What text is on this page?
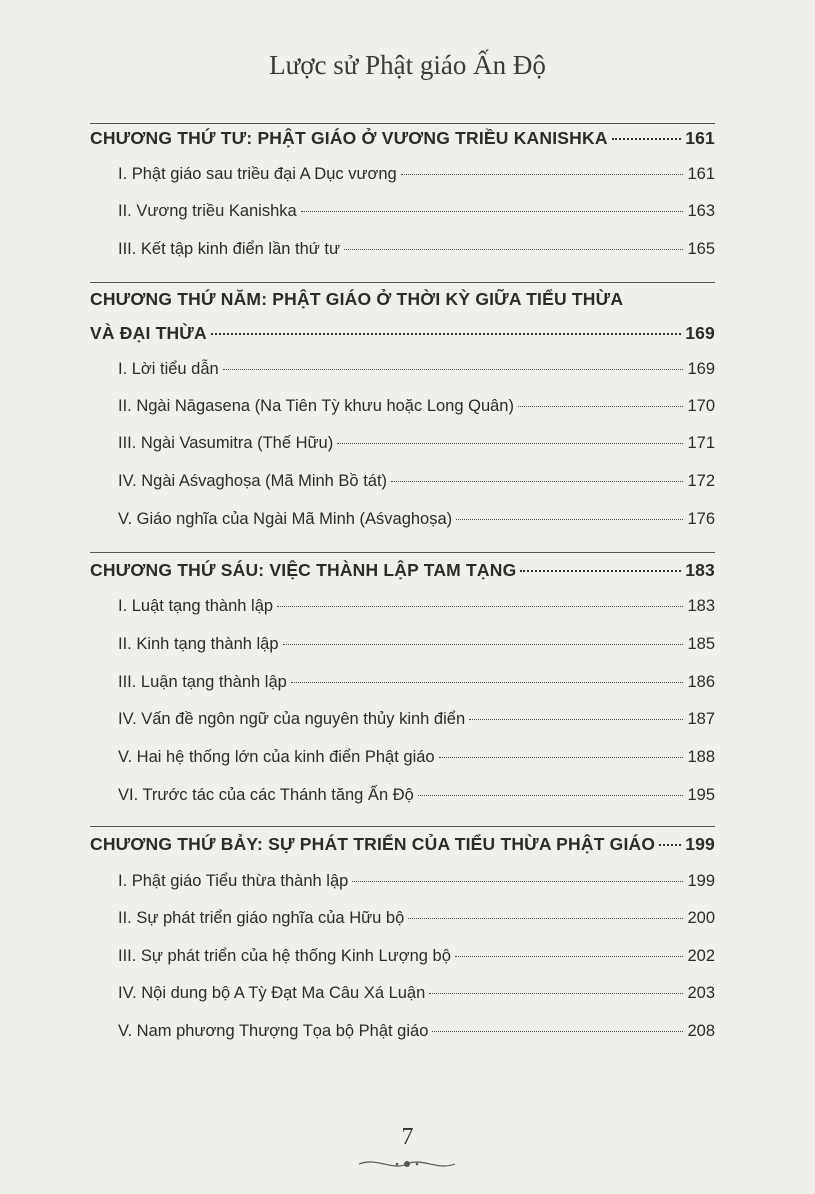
Lược sử Phật giáo Ấn Độ
CHƯƠNG THỨ TƯ: PHẬT GIÁO Ở VƯƠNG TRIỀU KANISHKA	161
I. Phật giáo sau triều đại A Dục vương	161
II. Vương triều Kanishka	163
III. Kết tập kinh điển lần thứ tư	165
CHƯƠNG THỨ NĂM: PHẬT GIÁO Ở THỜI KỲ GIỮA TIỂU THỪA
VÀ ĐẠI THỪA	169
I. Lời tiểu dẫn	169
II. Ngài Nāgasena (Na Tiên Tỳ khưu hoặc Long Quân)	170
III. Ngài Vasumitra (Thế Hữu)	171
IV. Ngài Aśvaghoṣa (Mã Minh Bồ tát)	172
V. Giáo nghĩa của Ngài Mã Minh (Aśvaghoṣa)	176
CHƯƠNG THỨ SÁU: VIỆC THÀNH LẬP TAM TẠNG	183
I. Luật tạng thành lập	183
II. Kinh tạng thành lập	185
III. Luận tạng thành lập	186
IV. Vấn đề ngôn ngữ của nguyên thủy kinh điển	187
V. Hai hệ thống lớn của kinh điển Phật giáo	188
VI. Trước tác của các Thánh tăng Ấn Độ	195
CHƯƠNG THỨ BẢY: SỰ PHÁT TRIỂN CỦA TIỂU THỪA PHẬT GIÁO 199
I. Phật giáo Tiểu thừa thành lập	199
II. Sự phát triển giáo nghĩa của Hữu bộ	200
III. Sự phát triển của hệ thống Kinh Lượng bộ	202
IV. Nội dung bộ A Tỳ Đạt Ma Câu Xá Luận	203
V. Nam phương Thượng Tọa bộ Phật giáo	208
7
